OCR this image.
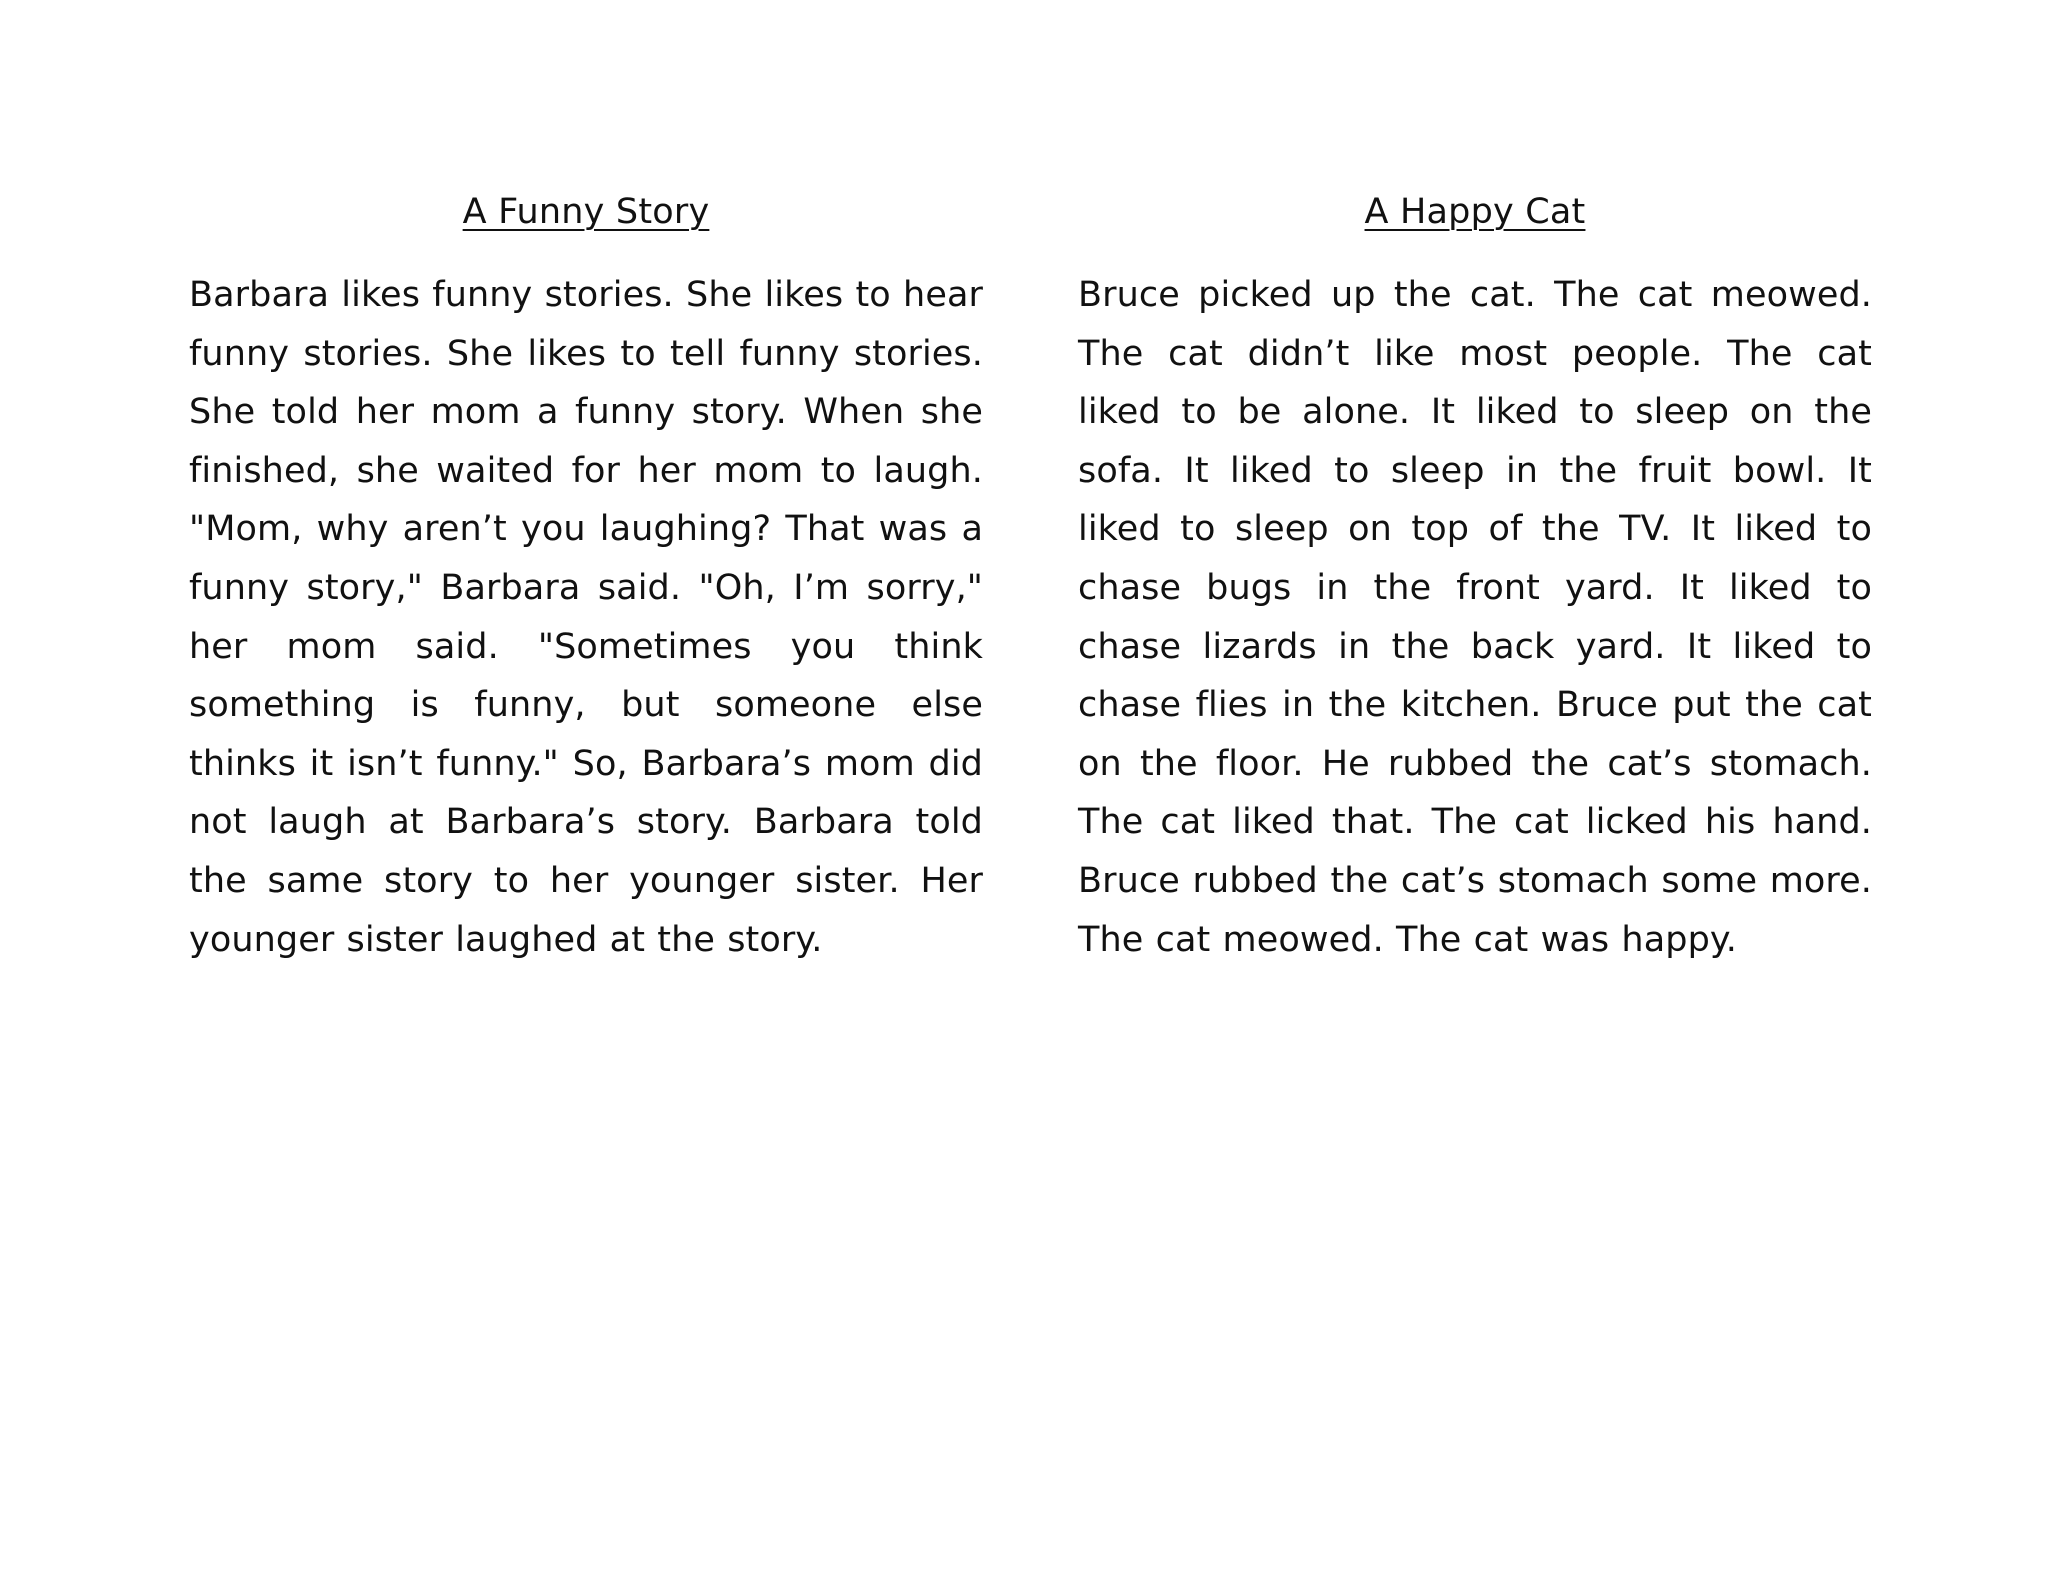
A Funny Story

Barbara likes funny stories. She likes to hear funny stories. She likes to tell funny stories. She told her mom a funny story. When she finished, she waited for her mom to laugh. "Mom, why aren’t you laughing? That was a funny story," Barbara said. "Oh, I’m sorry," her mom said. "Sometimes you think something is funny, but someone else thinks it isn’t funny." So, Barbara’s mom did not laugh at Barbara’s story. Barbara told the same story to her younger sister. Her younger sister laughed at the story.

A Happy Cat

Bruce picked up the cat. The cat meowed. The cat didn’t like most people. The cat liked to be alone. It liked to sleep on the sofa. It liked to sleep in the fruit bowl. It liked to sleep on top of the TV. It liked to chase bugs in the front yard. It liked to chase lizards in the back yard. It liked to chase flies in the kitchen. Bruce put the cat on the floor. He rubbed the cat’s stomach. The cat liked that. The cat licked his hand. Bruce rubbed the cat’s stomach some more. The cat meowed. The cat was happy.
